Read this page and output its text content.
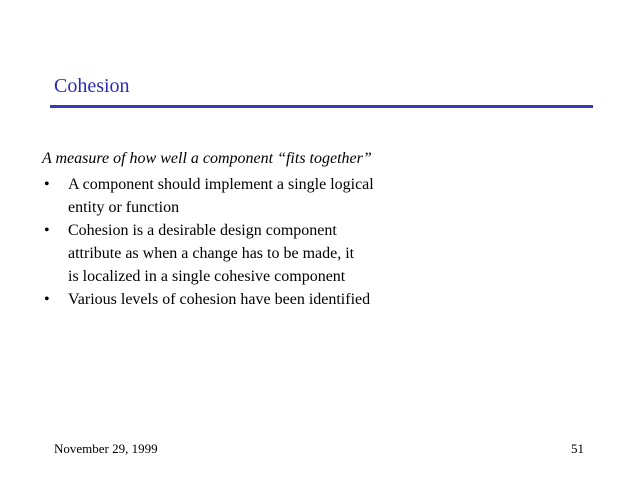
Cohesion
A measure of how well a component “fits together”
•	A component should implement a single logical
entity or function
•	Cohesion is a desirable design component
attribute as when a change has to be made, it
is localized in a single cohesive component
•	Various levels of cohesion have been identified
November 29, 1999	51
